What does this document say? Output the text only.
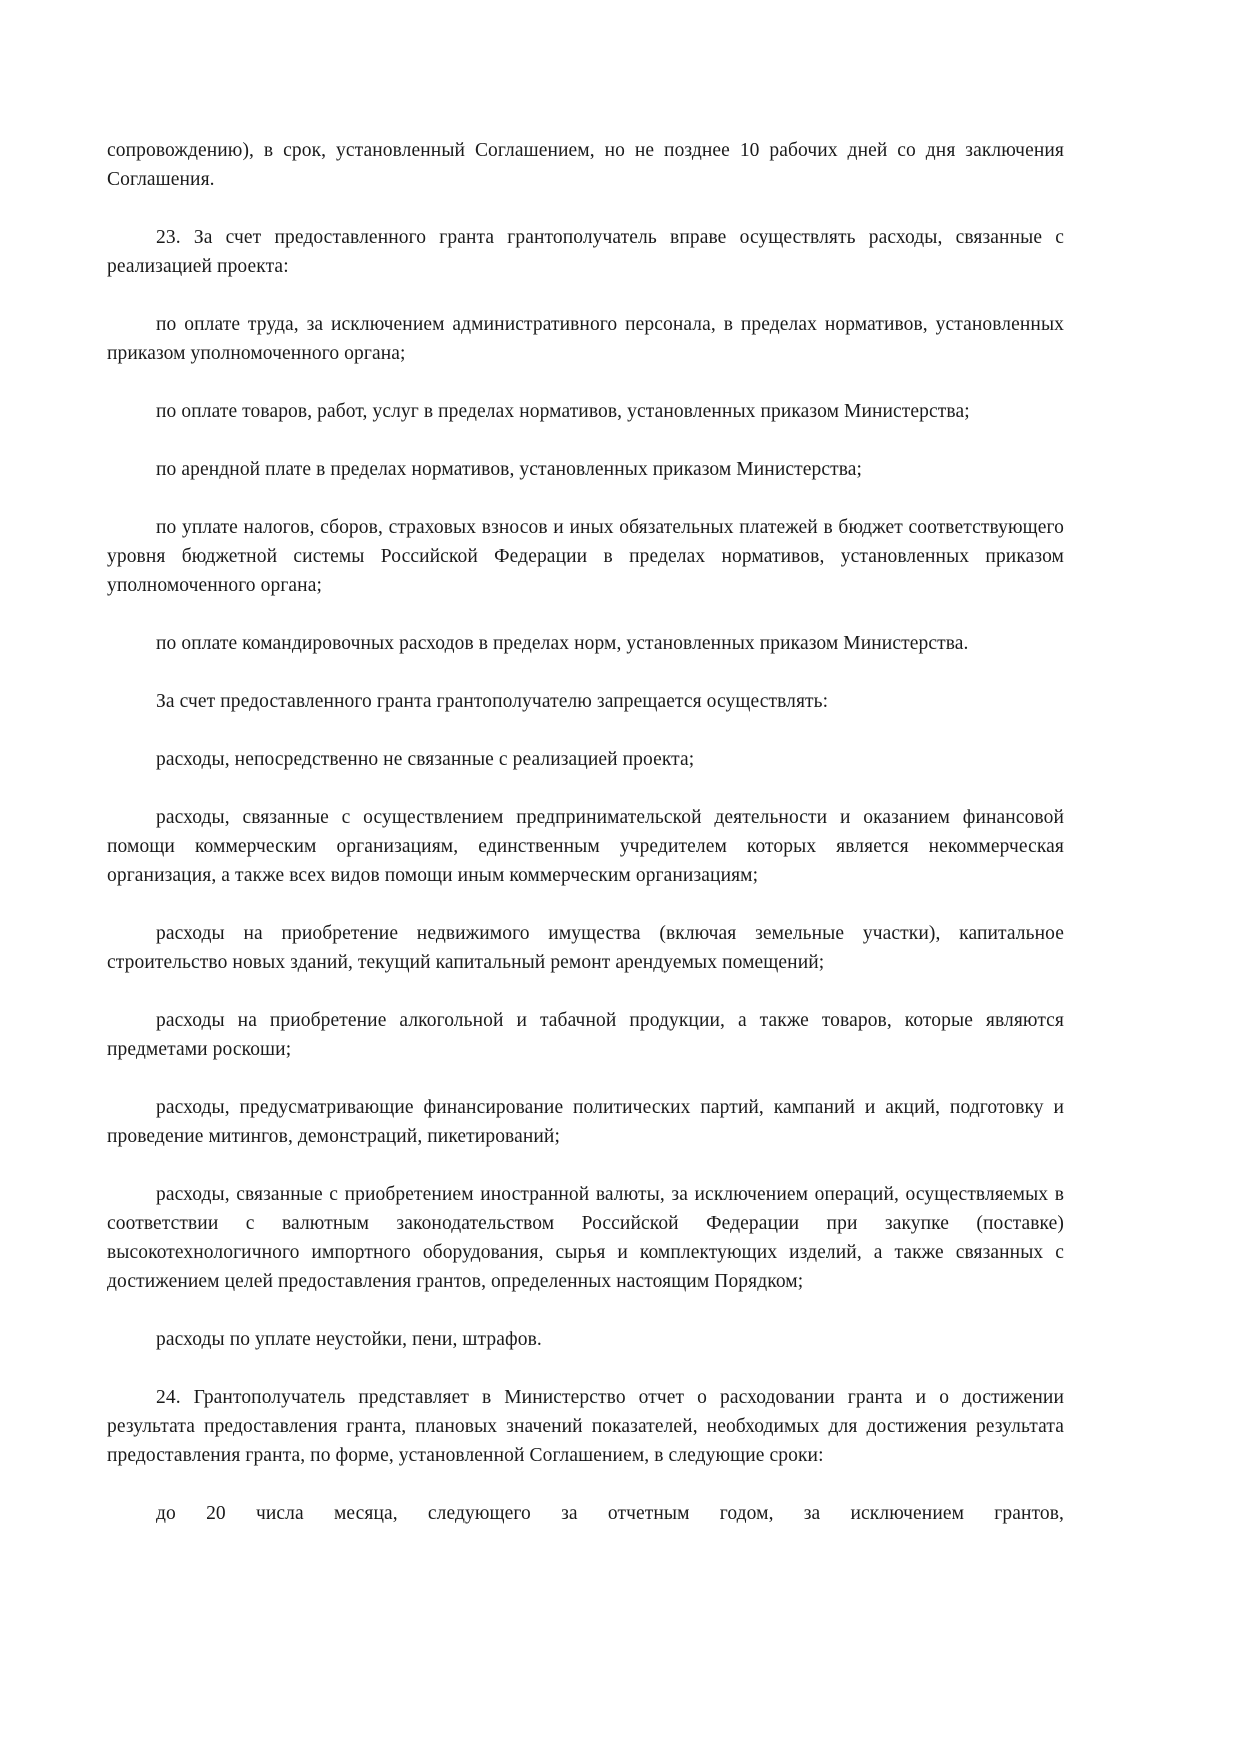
сопровождению), в срок, установленный Соглашением, но не позднее 10 рабочих дней со дня заключения Соглашения.

23. За счет предоставленного гранта грантополучатель вправе осуществлять расходы, связанные с реализацией проекта:

по оплате труда, за исключением административного персонала, в пределах нормативов, установленных приказом уполномоченного органа;

по оплате товаров, работ, услуг в пределах нормативов, установленных приказом Министерства;

по арендной плате в пределах нормативов, установленных приказом Министерства;

по уплате налогов, сборов, страховых взносов и иных обязательных платежей в бюджет соответствующего уровня бюджетной системы Российской Федерации в пределах нормативов, установленных приказом уполномоченного органа;

по оплате командировочных расходов в пределах норм, установленных приказом Министерства.

За счет предоставленного гранта грантополучателю запрещается осуществлять:

расходы, непосредственно не связанные с реализацией проекта;

расходы, связанные с осуществлением предпринимательской деятельности и оказанием финансовой помощи коммерческим организациям, единственным учредителем которых является некоммерческая организация, а также всех видов помощи иным коммерческим организациям;

расходы на приобретение недвижимого имущества (включая земельные участки), капитальное строительство новых зданий, текущий капитальный ремонт арендуемых помещений;

расходы на приобретение алкогольной и табачной продукции, а также товаров, которые являются предметами роскоши;

расходы, предусматривающие финансирование политических партий, кампаний и акций, подготовку и проведение митингов, демонстраций, пикетирований;

расходы, связанные с приобретением иностранной валюты, за исключением операций, осуществляемых в соответствии с валютным законодательством Российской Федерации при закупке (поставке) высокотехнологичного импортного оборудования, сырья и комплектующих изделий, а также связанных с достижением целей предоставления грантов, определенных настоящим Порядком;

расходы по уплате неустойки, пени, штрафов.

24. Грантополучатель представляет в Министерство отчет о расходовании гранта и о достижении результата предоставления гранта, плановых значений показателей, необходимых для достижения результата предоставления гранта, по форме, установленной Соглашением, в следующие сроки:

до 20 числа месяца, следующего за отчетным годом, за исключением грантов,
